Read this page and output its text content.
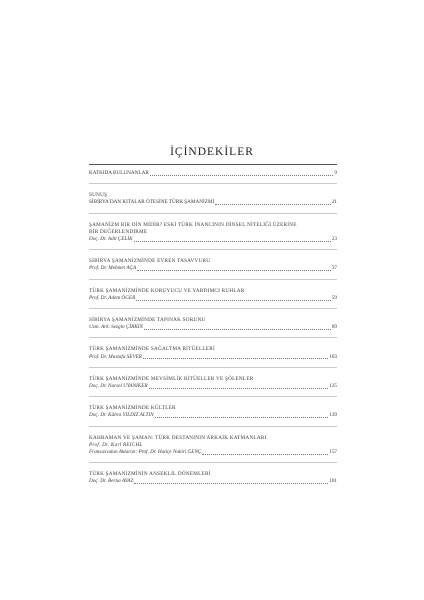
İÇİNDEKİLER
KATKIDA BULUNANLAR	9
SUNUŞ
SİBİRYA'DAN KITALAR ÖTESİNE TÜRK ŞAMANİZMİ	21
ŞAMANİZM BİR DİN MİDİR? ESKİ TÜRK İNANCININ DİNSEL NİTELİĞİ ÜZERİNE
BİR DEĞERLENDİRME
Doç. Dr. Adil ÇELİK	23
SİBİRYA ŞAMANİZMİNDE EVREN TASAVVURU
Prof. Dr. Mehmet AÇA	37
TÜRK ŞAMANİZMİNDE KORUYUCU VE YARDIMCI RUHLAR
Prof. Dr. Adem ÖGER	59
SİBİRYA ŞAMANİZMİNDE TAPINAK SORUNU
Uzm. Ark. Sezgin ÇİRKİN	89
TÜRK ŞAMANİZMİNDE SAĞALTMA RİTÜELLERİ
Prof. Dr. Mustafa SEVER	103
TÜRK ŞAMANİZMİNDE MEVSİMLİK RİTÜELLER VE ŞÖLENLER
Doç. Dr. Nursel UYANIKER	125
TÜRK ŞAMANİZMİNDE KÜLTLER
Doç. Dr. Kübra YILDIZ ALTIN	139
KAHRAMAN VE ŞAMAN: TÜRK DESTANININ ARKAİK KATMANLARI
Prof. Dr. Karl REICHL
Fransızcadan Aktaran: Prof. Dr. Hatiçe Nakiri GENÇ	157
TÜRK ŞAMANİZMİNİN ANSEKLİL DÖNEMLERİ
Doç. Dr. Berna AYAZ	181
